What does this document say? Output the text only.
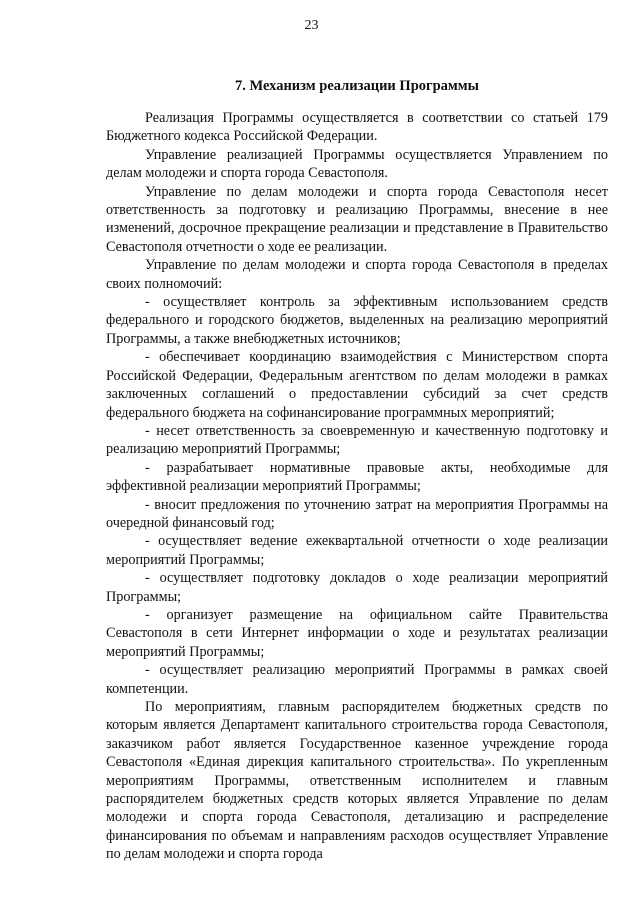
23
7. Механизм реализации Программы

Реализация Программы осуществляется в соответствии со статьей 179 Бюджетного кодекса Российской Федерации.

Управление реализацией Программы осуществляется Управлением по делам молодежи и спорта города Севастополя.

Управление по делам молодежи и спорта города Севастополя несет ответственность за подготовку и реализацию Программы, внесение в нее изменений, досрочное прекращение реализации и представление в Правительство Севастополя отчетности о ходе ее реализации.

Управление по делам молодежи и спорта города Севастополя в пределах своих полномочий:

- осуществляет контроль за эффективным использованием средств федерального и городского бюджетов, выделенных на реализацию мероприятий Программы, а также внебюджетных источников;

- обеспечивает координацию взаимодействия с Министерством спорта Российской Федерации, Федеральным агентством по делам молодежи в рамках заключенных соглашений о предоставлении субсидий за счет средств федерального бюджета на софинансирование программных мероприятий;

- несет ответственность за своевременную и качественную подготовку и реализацию мероприятий Программы;

- разрабатывает нормативные правовые акты, необходимые для эффективной реализации мероприятий Программы;

- вносит предложения по уточнению затрат на мероприятия Программы на очередной финансовый год;

- осуществляет ведение ежеквартальной отчетности о ходе реализации мероприятий Программы;

- осуществляет подготовку докладов о ходе реализации мероприятий Программы;

- организует размещение на официальном сайте Правительства Севастополя в сети Интернет информации о ходе и результатах реализации мероприятий Программы;

- осуществляет реализацию мероприятий Программы в рамках своей компетенции.

По мероприятиям, главным распорядителем бюджетных средств по которым является Департамент капитального строительства города Севастополя, заказчиком работ является Государственное казенное учреждение города Севастополя «Единая дирекция капитального строительства». По укрепленным мероприятиям Программы, ответственным исполнителем и главным распорядителем бюджетных средств которых является Управление по делам молодежи и спорта города Севастополя, детализацию и распределение финансирования по объемам и направлениям расходов осуществляет Управление по делам молодежи и спорта города
